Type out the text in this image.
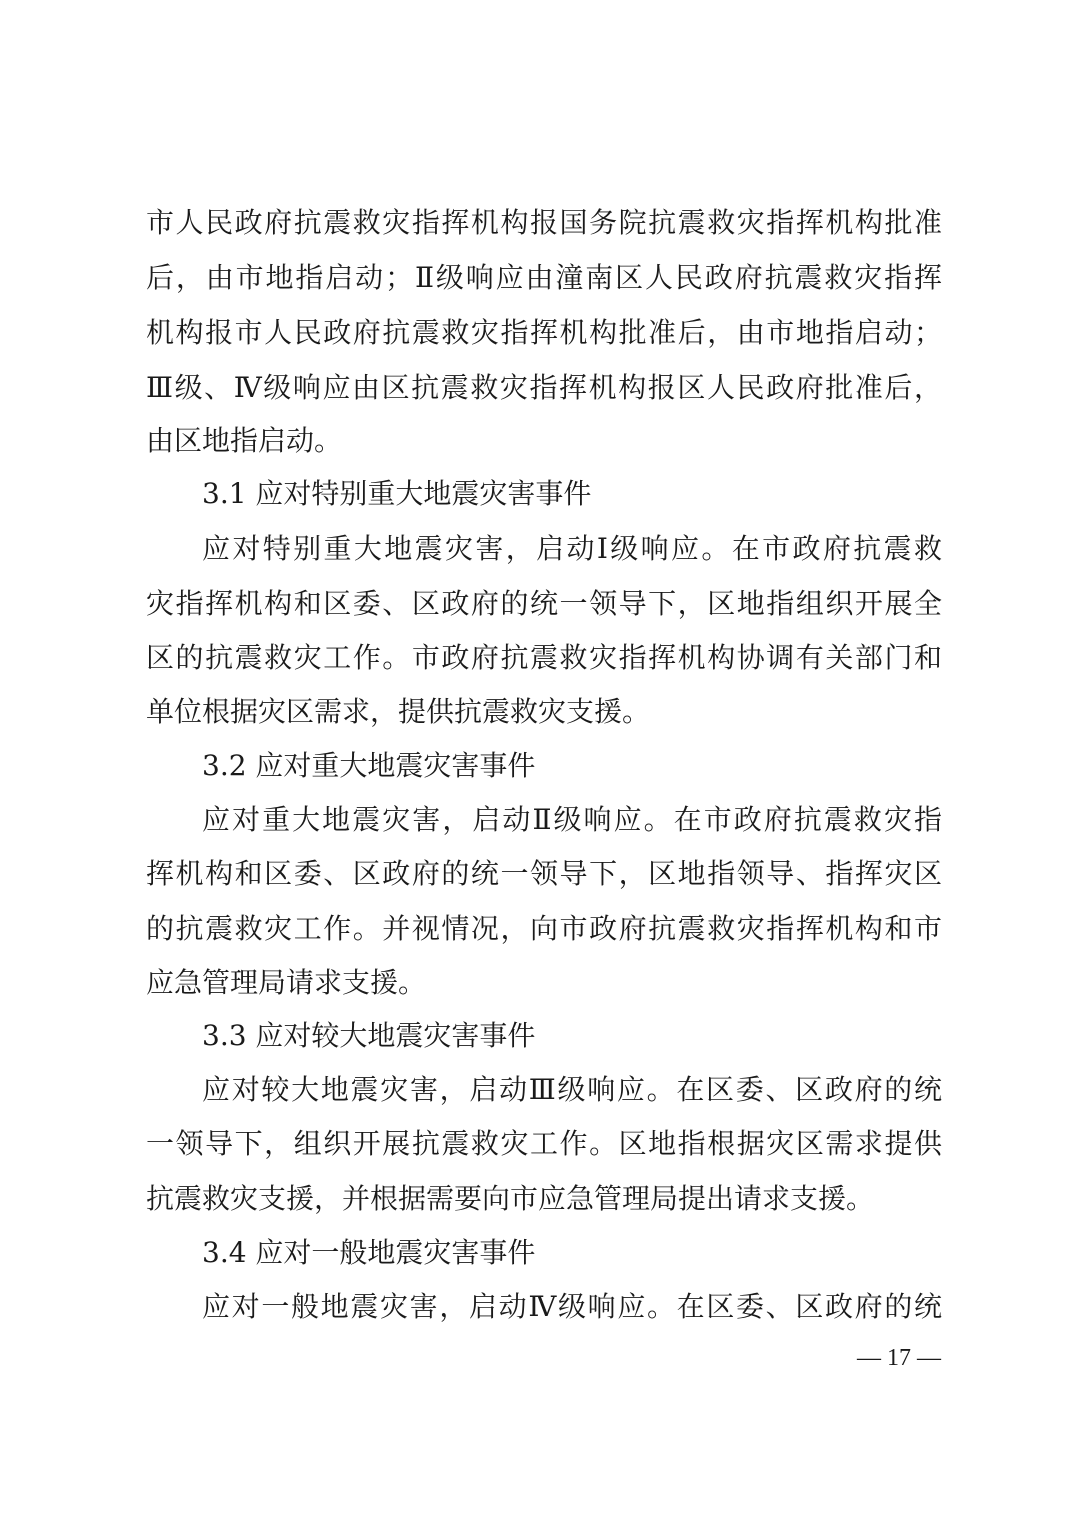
市人民政府抗震救灾指挥机构报国务院抗震救灾指挥机构批准
后，由市地指启动；Ⅱ级响应由潼南区人民政府抗震救灾指挥
机构报市人民政府抗震救灾指挥机构批准后，由市地指启动；
Ⅲ级、Ⅳ级响应由区抗震救灾指挥机构报区人民政府批准后，
由区地指启动。
3.1 应对特别重大地震灾害事件
应对特别重大地震灾害，启动Ⅰ级响应。在市政府抗震救
灾指挥机构和区委、区政府的统一领导下，区地指组织开展全
区的抗震救灾工作。市政府抗震救灾指挥机构协调有关部门和
单位根据灾区需求，提供抗震救灾支援。
3.2 应对重大地震灾害事件
应对重大地震灾害，启动Ⅱ级响应。在市政府抗震救灾指
挥机构和区委、区政府的统一领导下，区地指领导、指挥灾区
的抗震救灾工作。并视情况，向市政府抗震救灾指挥机构和市
应急管理局请求支援。
3.3 应对较大地震灾害事件
应对较大地震灾害，启动Ⅲ级响应。在区委、区政府的统
一领导下，组织开展抗震救灾工作。区地指根据灾区需求提供
抗震救灾支援，并根据需要向市应急管理局提出请求支援。
3.4 应对一般地震灾害事件
应对一般地震灾害，启动Ⅳ级响应。在区委、区政府的统
— 17 —
